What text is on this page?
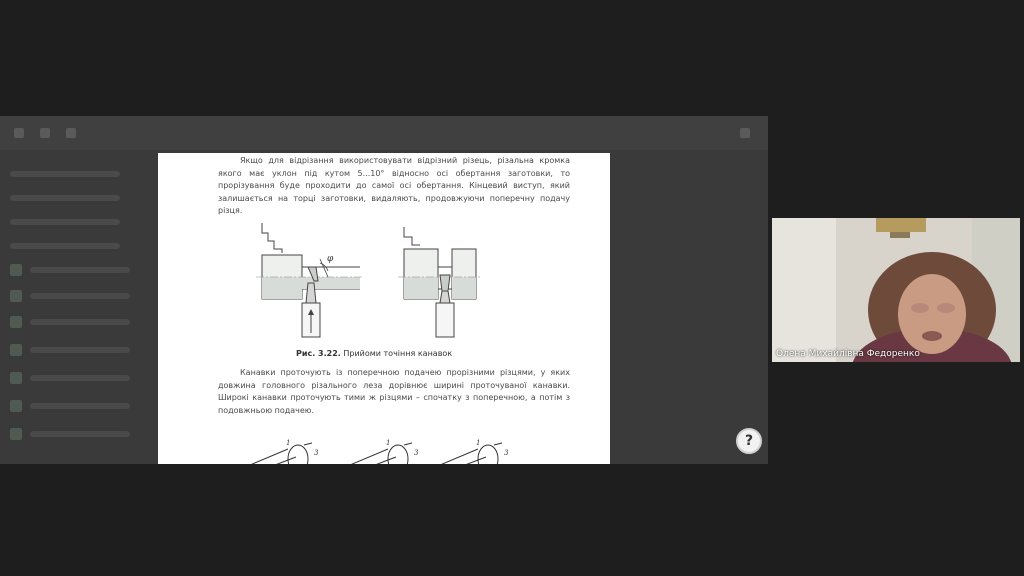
Якщо для відрізання використовувати відрізний різець, різальна кромка якого має уклон під кутом 5...10° відносно осі обертання заготовки, то прорізування буде проходити до самої осі обертання. Кінцевий виступ, який залишається на торці заготовки, видаляють, продовжуючи поперечну подачу різця.
φ
Рис. 3.22. Прийоми точіння канавок
Канавки проточують із поперечною подачею прорізними різцями, у яких довжина головного різального леза дорівнює ширині проточуваної канавки. Широкі канавки проточують тими ж різцями – спочатку з поперечною, а потім з подовжньою подачею.
1
3
1
3
1
3
?
Олена Михайлівна Федоренко
